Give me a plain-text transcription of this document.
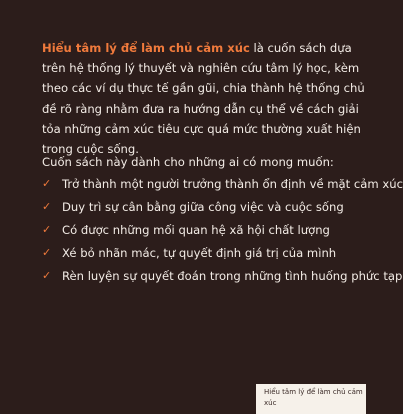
Hiểu tâm lý để làm chủ cảm xúc là cuốn sách dựa trên hệ thống lý thuyết và nghiên cứu tâm lý học, kèm theo các ví dụ thực tế gần gũi, chia thành hệ thống chủ đề rõ ràng nhằm đưa ra hướng dẫn cụ thể về cách giải tỏa những cảm xúc tiêu cực quá mức thường xuất hiện trong cuộc sống.

Cuốn sách này dành cho những ai có mong muốn:

✓ Trở thành một người trưởng thành ổn định về mặt cảm xúc
✓ Duy trì sự cân bằng giữa công việc và cuộc sống
✓ Có được những mối quan hệ xã hội chất lượng
✓ Xé bỏ nhãn mác, tự quyết định giá trị của mình
✓ Rèn luyện sự quyết đoán trong những tình huống phức tạp
Hiểu tâm lý để làm chủ cảm xúc
